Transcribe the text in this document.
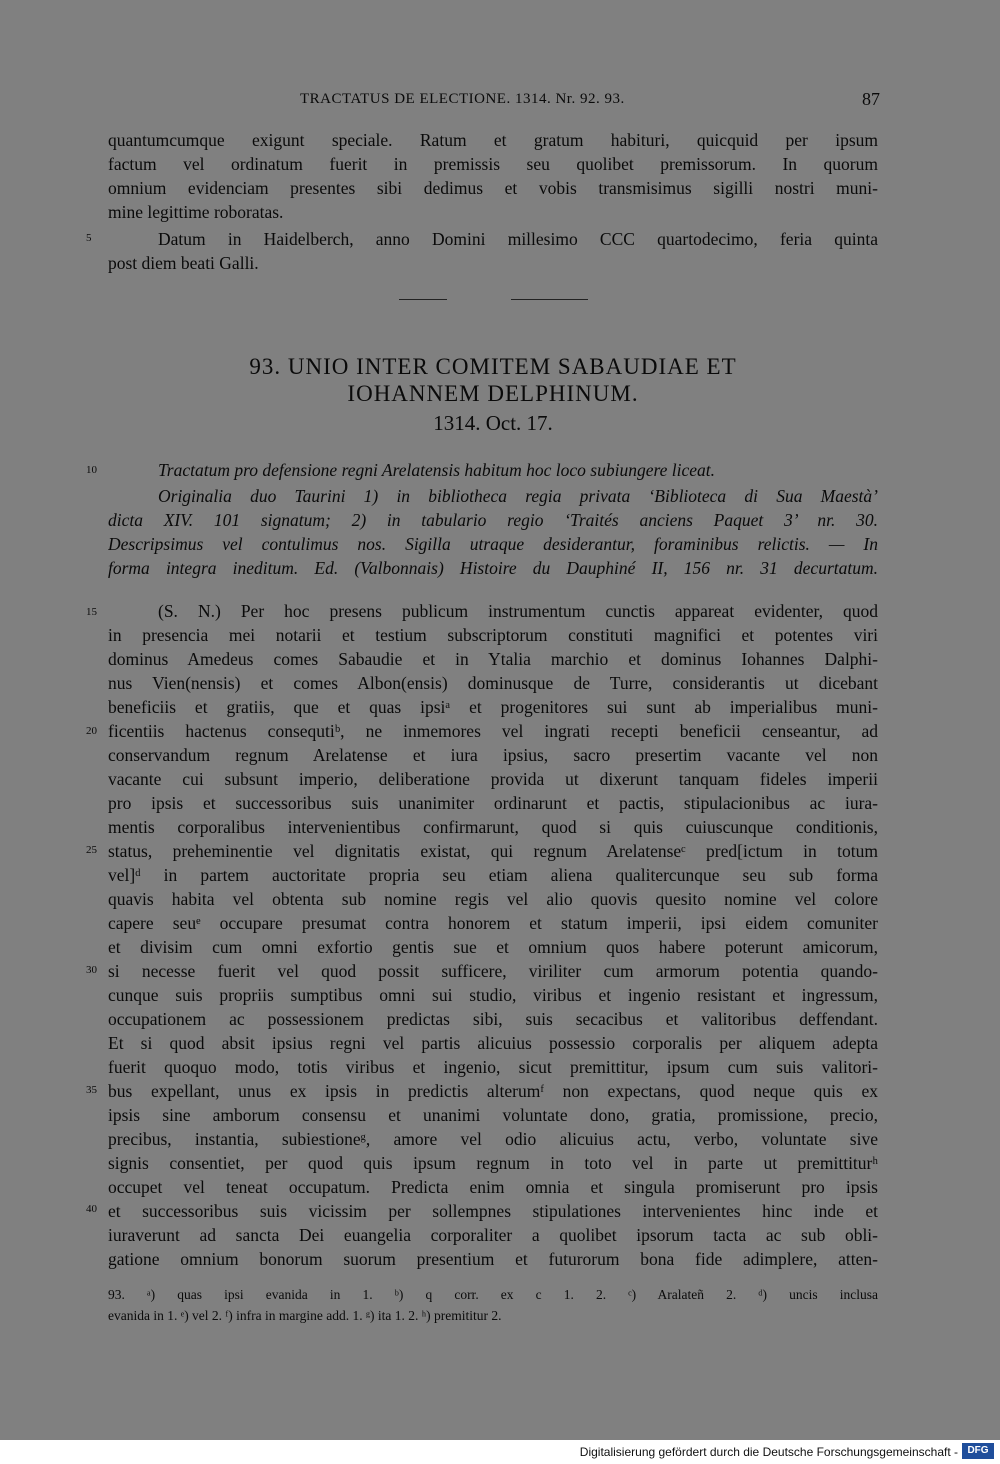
TRACTATUS DE ELECTIONE. 1314. Nr. 92. 93.	87
quantumcumque exigunt speciale. Ratum et gratum habituri, quicquid per ipsum
factum vel ordinatum fuerit in premissis seu quolibet premissorum. In quorum
omnium evidenciam presentes sibi dedimus et vobis transmisimus sigilli nostri muni-
mine legittime roboratas.
5	Datum in Haidelberch, anno Domini millesimo CCC quartodecimo, feria quinta
post diem beati Galli.
93. UNIO INTER COMITEM SABAUDIAE ET
IOHANNEM DELPHINUM.
1314. Oct. 17.
10	Tractatum pro defensione regni Arelatensis habitum hoc loco subiungere liceat.
Originalia duo Taurini 1) in bibliotheca regia privata ‘Biblioteca di Sua Maestà’
dicta XIV. 101 signatum; 2) in tabulario regio ‘Traités anciens Paquet 3’ nr. 30.
Descripsimus vel contulimus nos. Sigilla utraque desiderantur, foraminibus relictis. — In
forma integra ineditum. Ed. (Valbonnais) Histoire du Dauphiné II, 156 nr. 31 decurtatum.
15	(S. N.) Per hoc presens publicum instrumentum cunctis appareat evidenter, quod
in presencia mei notarii et testium subscriptorum constituti magnifici et potentes viri
dominus Amedeus comes Sabaudie et in Ytalia marchio et dominus Iohannes Dalphi-
nus Vien(nensis) et comes Albon(ensis) dominusque de Turre, considerantis ut dicebant
beneficiis et gratiis, que et quas ipsiᵃ et progenitores sui sunt ab imperialibus muni-
20 ficentiis hactenus consequtiᵇ, ne inmemores vel ingrati recepti beneficii censeantur, ad
conservandum regnum Arelatense et iura ipsius, sacro presertim vacante vel non
vacante cui subsunt imperio, deliberatione provida ut dixerunt tanquam fideles imperii
pro ipsis et successoribus suis unanimiter ordinarunt et pactis, stipulacionibus ac iura-
mentis corporalibus intervenientibus confirmarunt, quod si quis cuiuscunque conditionis,
25 status, preheminentie vel dignitatis existat, qui regnum Arelatenseᶜ pred[ictum in totum
vel]ᵈ in partem auctoritate propria seu etiam aliena qualitercunque seu sub forma
quavis habita vel obtenta sub nomine regis vel alio quovis quesito nomine vel colore
capere seuᵉ occupare presumat contra honorem et statum imperii, ipsi eidem comuniter
et divisim cum omni exfortio gentis sue et omnium quos habere poterunt amicorum,
30 si necesse fuerit vel quod possit sufficere, viriliter cum armorum potentia quando-
cunque suis propriis sumptibus omni sui studio, viribus et ingenio resistant et ingressum,
occupationem ac possessionem predictas sibi, suis secacibus et valitoribus deffendant.
Et si quod absit ipsius regni vel partis alicuius possessio corporalis per aliquem adepta
fuerit quoquo modo, totis viribus et ingenio, sicut premittitur, ipsum cum suis valitori-
35 bus expellant, unus ex ipsis in predictis alterumᶠ non expectans, quod neque quis ex
ipsis sine amborum consensu et unanimi voluntate dono, gratia, promissione, precio,
precibus, instantia, subiestioneᵍ, amore vel odio alicuius actu, verbo, voluntate sive
signis consentiet, per quod quis ipsum regnum in toto vel in parte ut premittiturʰ
occupet vel teneat occupatum. Predicta enim omnia et singula promiserunt pro ipsis
40 et successoribus suis vicissim per sollempnes stipulationes intervenientes hinc inde et
iuraverunt ad sancta Dei euangelia corporaliter a quolibet ipsorum tacta ac sub obli-
gatione omnium bonorum suorum presentium et futurorum bona fide adimplere, atten-
93. ᵃ) quas ipsi evanida in 1. ᵇ) q corr. ex c 1. 2. ᶜ) Aralateñ 2. ᵈ) uncis inclusa
evanida in 1. ᵉ) vel 2. ᶠ) infra in margine add. 1. ᵍ) ita 1. 2. ʰ) premititur 2.
Digitalisierung gefördert durch die Deutsche Forschungsgemeinschaft - DFG
